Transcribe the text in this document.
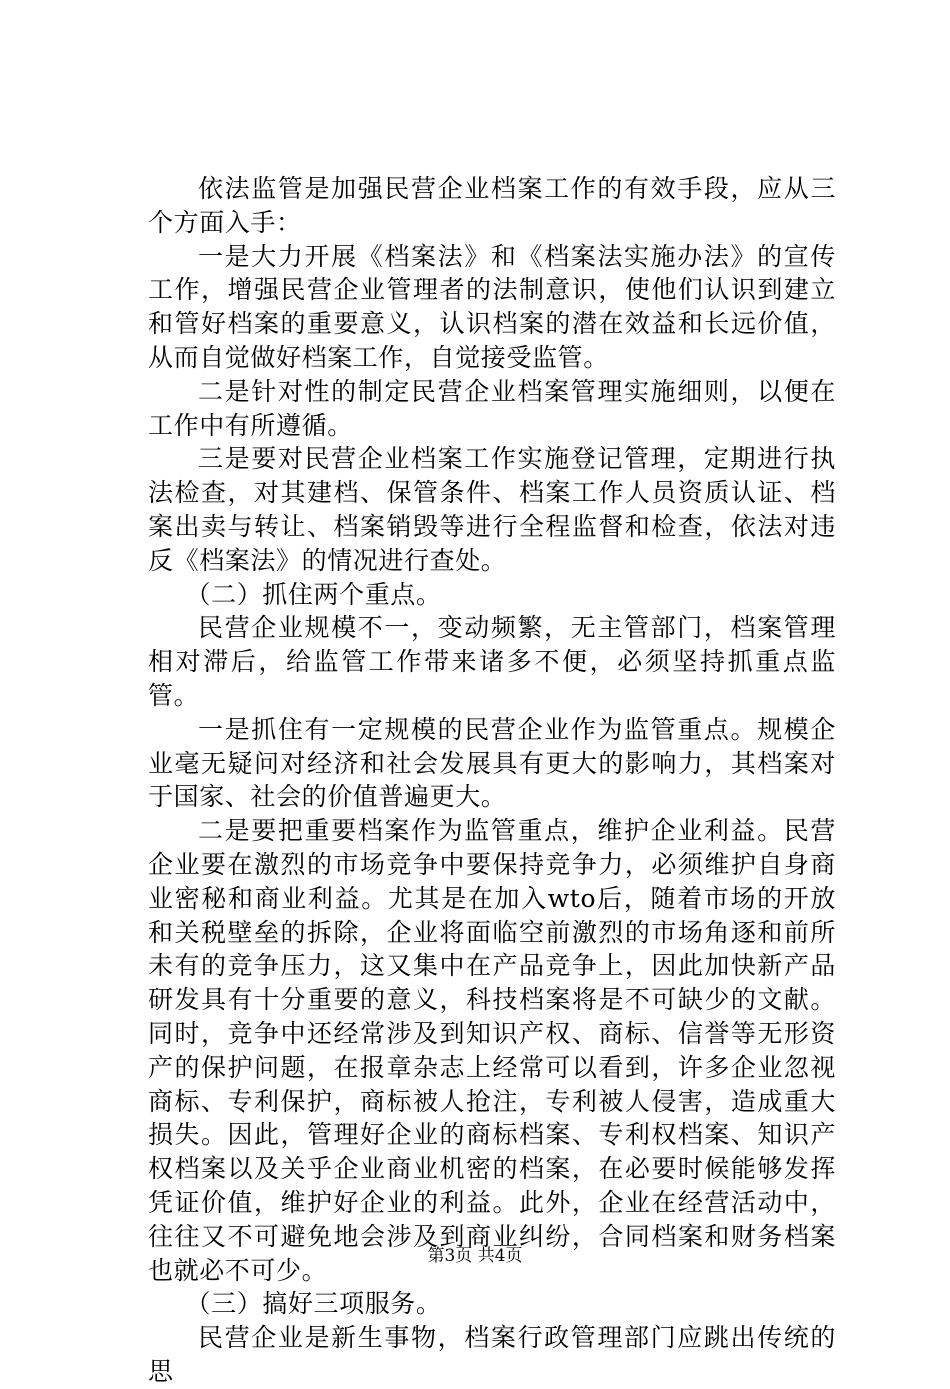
依法监管是加强民营企业档案工作的有效手段，应从三个方面入手：

一是大力开展《档案法》和《档案法实施办法》的宣传工作，增强民营企业管理者的法制意识，使他们认识到建立和管好档案的重要意义，认识档案的潜在效益和长远价值，从而自觉做好档案工作，自觉接受监管。

二是针对性的制定民营企业档案管理实施细则，以便在工作中有所遵循。

三是要对民营企业档案工作实施登记管理，定期进行执法检查，对其建档、保管条件、档案工作人员资质认证、档案出卖与转让、档案销毁等进行全程监督和检查，依法对违反《档案法》的情况进行查处。

（二）抓住两个重点。

民营企业规模不一，变动频繁，无主管部门，档案管理相对滞后，给监管工作带来诸多不便，必须坚持抓重点监管。

一是抓住有一定规模的民营企业作为监管重点。规模企业毫无疑问对经济和社会发展具有更大的影响力，其档案对于国家、社会的价值普遍更大。

二是要把重要档案作为监管重点，维护企业利益。民营企业要在激烈的市场竞争中要保持竞争力，必须维护自身商业密秘和商业利益。尤其是在加入wto后，随着市场的开放和关税壁垒的拆除，企业将面临空前激烈的市场角逐和前所未有的竞争压力，这又集中在产品竞争上，因此加快新产品研发具有十分重要的意义，科技档案将是不可缺少的文献。同时，竞争中还经常涉及到知识产权、商标、信誉等无形资产的保护问题，在报章杂志上经常可以看到，许多企业忽视商标、专利保护，商标被人抢注，专利被人侵害，造成重大损失。因此，管理好企业的商标档案、专利权档案、知识产权档案以及关乎企业商业机密的档案，在必要时候能够发挥凭证价值，维护好企业的利益。此外，企业在经营活动中，往往又不可避免地会涉及到商业纠纷，合同档案和财务档案也就必不可少。

（三）搞好三项服务。

民营企业是新生事物，档案行政管理部门应跳出传统的思

第3页 共4页
